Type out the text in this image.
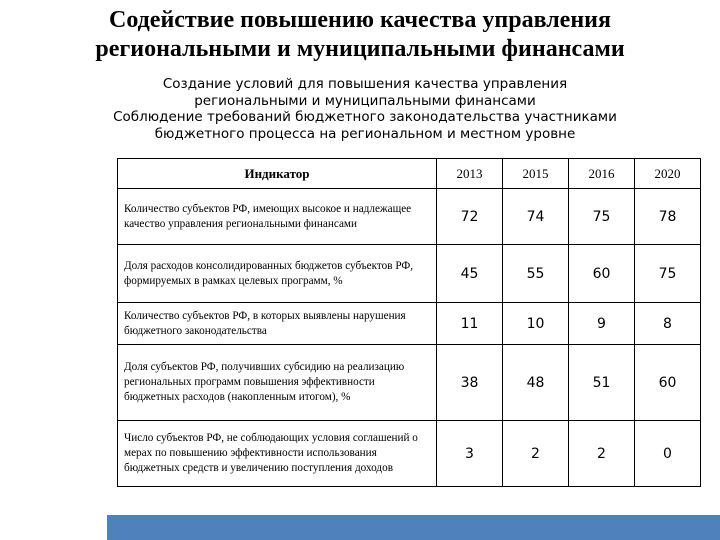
Содействие повышению качества управления
региональными и муниципальными финансами
Создание условий для повышения качества управления региональными и муниципальными финансами
Соблюдение требований бюджетного законодательства участниками бюджетного процесса на региональном и местном уровне
Индикатор	2013	2015	2016	2020
Количество субъектов РФ, имеющих высокое и надлежащее качество управления региональными финансами	72	74	75	78
Доля расходов консолидированных бюджетов субъектов РФ, формируемых в рамках целевых программ, %	45	55	60	75
Количество субъектов РФ, в которых выявлены нарушения бюджетного законодательства	11	10	9	8
Доля субъектов РФ, получивших субсидию на реализацию региональных программ повышения эффективности бюджетных расходов (накопленным итогом), %	38	48	51	60
Число субъектов РФ, не соблюдающих условия соглашений о мерах по повышению эффективности использования бюджетных средств и увеличению поступления доходов	3	2	2	0
